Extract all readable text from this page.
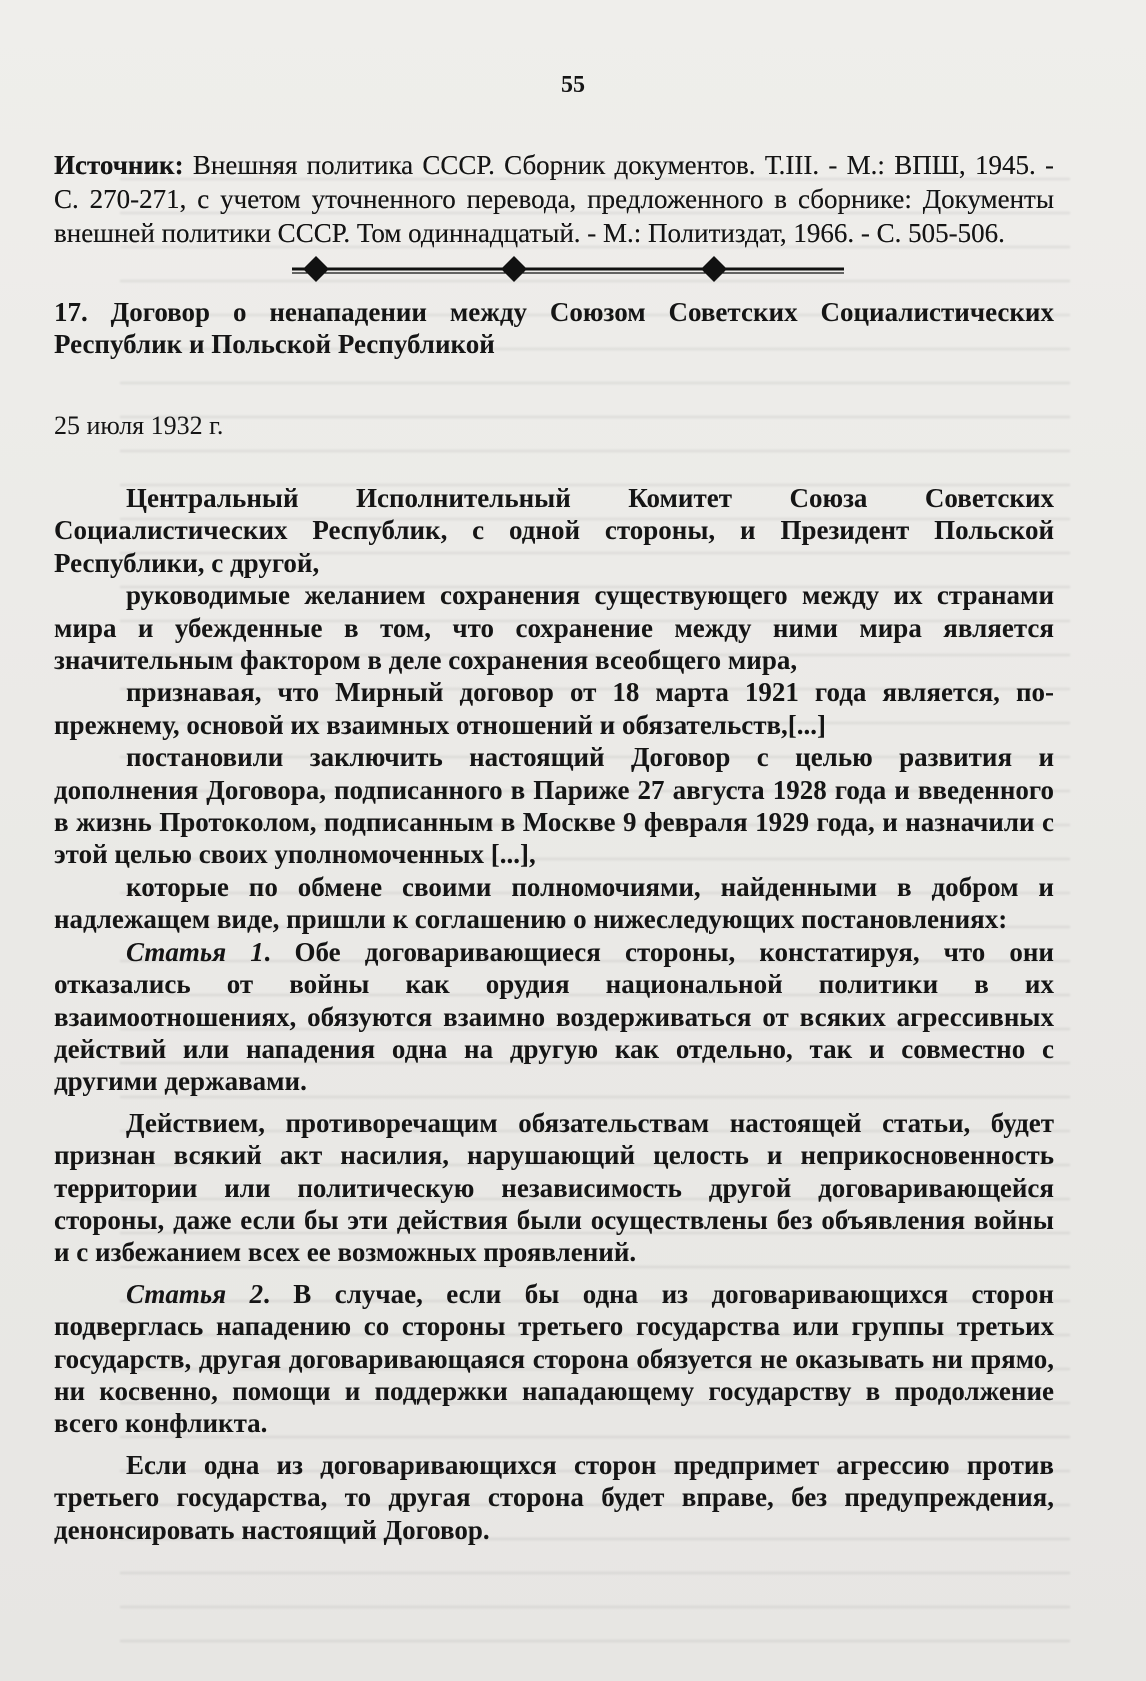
55

Источник: Внешняя политика СССР. Сборник документов. Т.III. - М.: ВПШ, 1945. - С. 270-271, с учетом уточненного перевода, предложенного в сборнике: Документы внешней политики СССР. Том одиннадцатый. - М.: Политиздат, 1966. - С. 505-506.

17. Договор о ненападении между Союзом Советских Социалистических Республик и Польской Республикой

25 июля 1932 г.

Центральный Исполнительный Комитет Союза Советских Социалистических Республик, с одной стороны, и Президент Польской Республики, с другой,

руководимые желанием сохранения существующего между их странами мира и убежденные в том, что сохранение между ними мира является значительным фактором в деле сохранения всеобщего мира,

признавая, что Мирный договор от 18 марта 1921 года является, по-прежнему, основой их взаимных отношений и обязательств,[...]

постановили заключить настоящий Договор с целью развития и дополнения Договора, подписанного в Париже 27 августа 1928 года и введенного в жизнь Протоколом, подписанным в Москве 9 февраля 1929 года, и назначили с этой целью своих уполномоченных [...],

которые по обмене своими полномочиями, найденными в добром и надлежащем виде, пришли к соглашению о нижеследующих постановлениях:

Статья 1. Обе договаривающиеся стороны, констатируя, что они отказались от войны как орудия национальной политики в их взаимоотношениях, обязуются взаимно воздерживаться от всяких агрессивных действий или нападения одна на другую как отдельно, так и совместно с другими державами.

Действием, противоречащим обязательствам настоящей статьи, будет признан всякий акт насилия, нарушающий целость и неприкосновенность территории или политическую независимость другой договаривающейся стороны, даже если бы эти действия были осуществлены без объявления войны и с избежанием всех ее возможных проявлений.

Статья 2. В случае, если бы одна из договаривающихся сторон подверглась нападению со стороны третьего государства или группы третьих государств, другая договаривающаяся сторона обязуется не оказывать ни прямо, ни косвенно, помощи и поддержки нападающему государству в продолжение всего конфликта.

Если одна из договаривающихся сторон предпримет агрессию против третьего государства, то другая сторона будет вправе, без предупреждения, денонсировать настоящий Договор.
